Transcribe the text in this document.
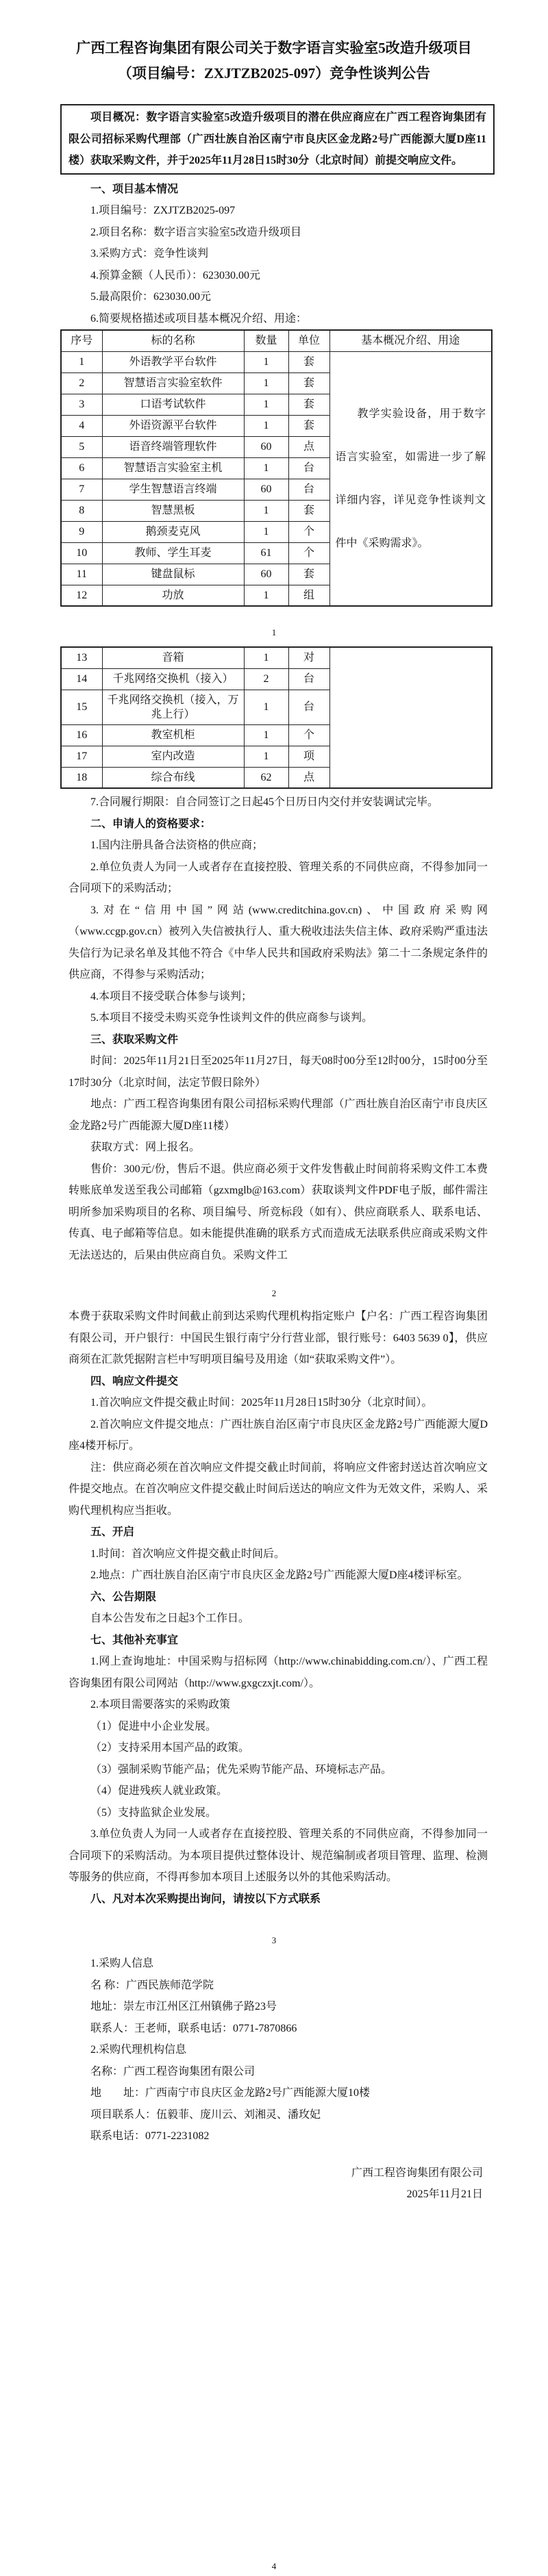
广西工程咨询集团有限公司关于数字语言实验室5改造升级项目
（项目编号：ZXJTZB2025-097）竞争性谈判公告

项目概况：数字语言实验室5改造升级项目的潜在供应商应在广西工程咨询集团有限公司招标采购代理部（广西壮族自治区南宁市良庆区金龙路2号广西能源大厦D座11楼）获取采购文件，并于2025年11月28日15时30分（北京时间）前提交响应文件。

一、项目基本情况
1.项目编号：ZXJTZB2025-097
2.项目名称：数字语言实验室5改造升级项目
3.采购方式：竞争性谈判
4.预算金额（人民币）：623030.00元
5.最高限价：623030.00元
6.简要规格描述或项目基本概况介绍、用途：
序号	标的名称	数量	单位	基本概况介绍、用途
1	外语教学平台软件	1	套	教学实验设备，用于数字语言实验室，如需进一步了解详细内容，详见竞争性谈判文件中《采购需求》。
2	智慧语言实验室软件	1	套	
3	口语考试软件	1	套	
4	外语资源平台软件	1	套	
5	语音终端管理软件	60	点	
6	智慧语言实验室主机	1	台	
7	学生智慧语言终端	60	台	
8	智慧黑板	1	套	
9	鹅颈麦克风	1	个	
10	教师、学生耳麦	61	个	
11	键盘鼠标	60	套	
12	功放	1	组	
1
13	音箱	1	对	
14	千兆网络交换机（接入）	2	台	
15	千兆网络交换机（接入，万兆上行）	1	台	
16	教室机柜	1	个	
17	室内改造	1	项	
18	综合布线	62	点	
7.合同履行期限：自合同签订之日起45个日历日内交付并安装调试完毕。
二、申请人的资格要求：
1.国内注册具备合法资格的供应商；
2.单位负责人为同一人或者存在直接控股、管理关系的不同供应商，不得参加同一合同项下的采购活动；
3.对在“信用中国”网站(www.creditchina.gov.cn)、中国政府采购网（www.ccgp.gov.cn）被列入失信被执行人、重大税收违法失信主体、政府采购严重违法失信行为记录名单及其他不符合《中华人民共和国政府采购法》第二十二条规定条件的供应商，不得参与采购活动；
4.本项目不接受联合体参与谈判；
5.本项目不接受未购买竞争性谈判文件的供应商参与谈判。
三、获取采购文件
时间：2025年11月21日至2025年11月27日，每天08时00分至12时00分，15时00分至17时30分（北京时间，法定节假日除外）
地点：广西工程咨询集团有限公司招标采购代理部（广西壮族自治区南宁市良庆区金龙路2号广西能源大厦D座11楼）
获取方式：网上报名。
售价：300元/份，售后不退。供应商必须于文件发售截止时间前将采购文件工本费转账底单发送至我公司邮箱（gzxmglb@163.com）获取谈判文件PDF电子版，邮件需注明所参加采购项目的名称、项目编号、所竞标段（如有）、供应商联系人、联系电话、传真、电子邮箱等信息。如未能提供准确的联系方式而造成无法联系供应商或采购文件无法送达的，后果由供应商自负。采购文件工
2
本费于获取采购文件时间截止前到达采购代理机构指定账户【户名：广西工程咨询集团有限公司，开户银行：中国民生银行南宁分行营业部，银行账号：6403 5639 0】，供应商须在汇款凭据附言栏中写明项目编号及用途（如“获取采购文件”）。
四、响应文件提交
1.首次响应文件提交截止时间：2025年11月28日15时30分（北京时间）。
2.首次响应文件提交地点：广西壮族自治区南宁市良庆区金龙路2号广西能源大厦D座4楼开标厅。
注：供应商必须在首次响应文件提交截止时间前，将响应文件密封送达首次响应文件提交地点。在首次响应文件提交截止时间后送达的响应文件为无效文件，采购人、采购代理机构应当拒收。
五、开启
1.时间：首次响应文件提交截止时间后。
2.地点：广西壮族自治区南宁市良庆区金龙路2号广西能源大厦D座4楼评标室。
六、公告期限
自本公告发布之日起3个工作日。
七、其他补充事宜
1.网上查询地址：中国采购与招标网（http://www.chinabidding.com.cn/）、广西工程咨询集团有限公司网站（http://www.gxgczxjt.com/）。
2.本项目需要落实的采购政策
（1）促进中小企业发展。
（2）支持采用本国产品的政策。
（3）强制采购节能产品；优先采购节能产品、环境标志产品。
（4）促进残疾人就业政策。
（5）支持监狱企业发展。
3.单位负责人为同一人或者存在直接控股、管理关系的不同供应商，不得参加同一合同项下的采购活动。为本项目提供过整体设计、规范编制或者项目管理、监理、检测等服务的供应商，不得再参加本项目上述服务以外的其他采购活动。
八、凡对本次采购提出询问，请按以下方式联系
3
1.采购人信息
名 称：广西民族师范学院
地址：崇左市江州区江州镇佛子路23号
联系人：王老师，联系电话：0771-7870866
2.采购代理机构信息
名称：广西工程咨询集团有限公司
地　　址：广西南宁市良庆区金龙路2号广西能源大厦10楼
项目联系人：伍毅菲、庞川云、刘湘灵、潘玫妃
联系电话：0771-2231082
广西工程咨询集团有限公司
2025年11月21日
4
